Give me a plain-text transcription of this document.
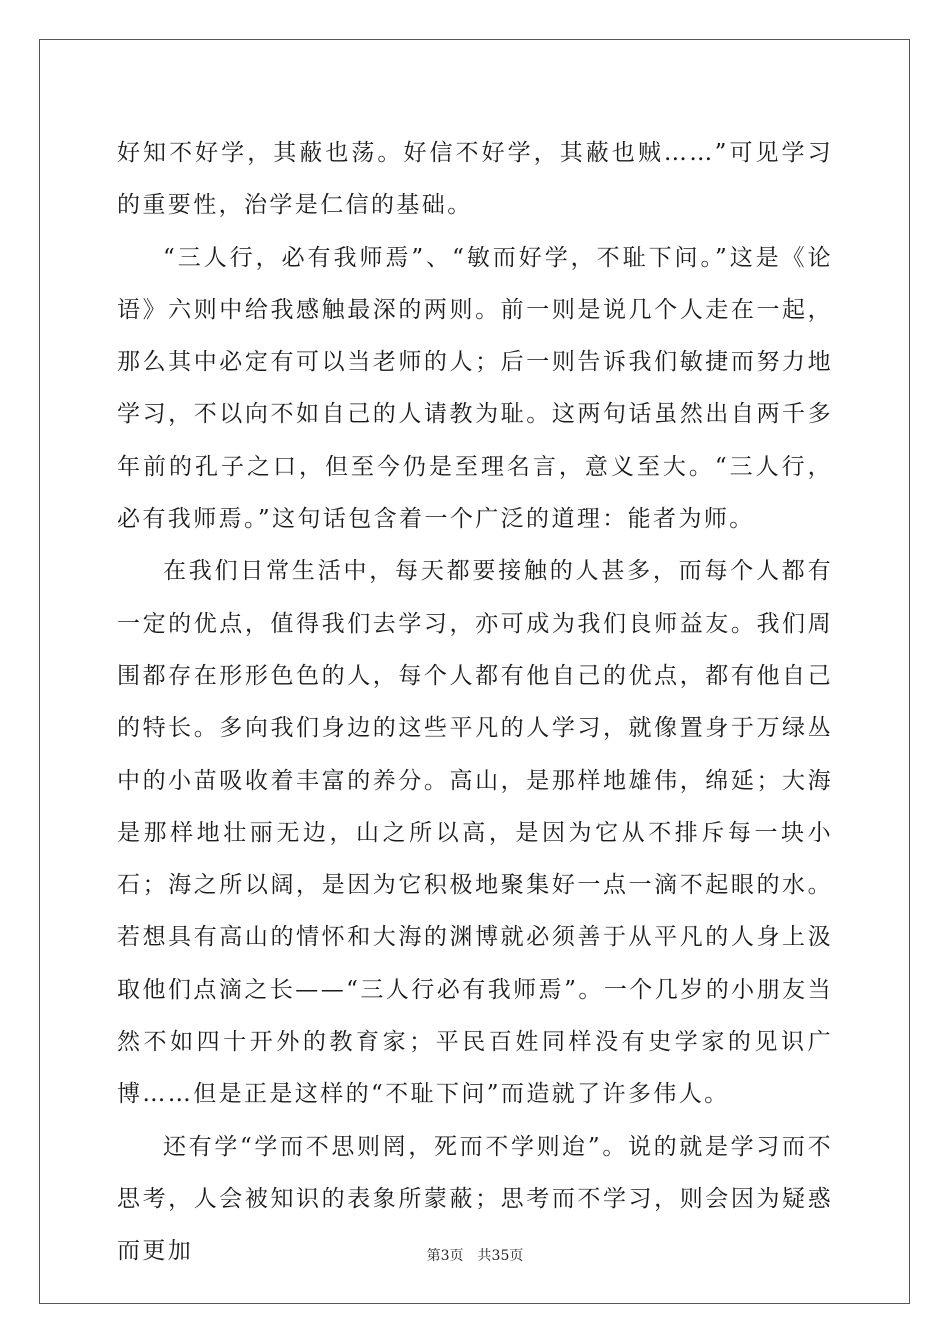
好知不好学，其蔽也荡。好信不好学，其蔽也贼……”可见学习的重要性，治学是仁信的基础。

“三人行，必有我师焉”、“敏而好学，不耻下问。”这是《论语》六则中给我感触最深的两则。前一则是说几个人走在一起，那么其中必定有可以当老师的人；后一则告诉我们敏捷而努力地学习，不以向不如自己的人请教为耻。这两句话虽然出自两千多年前的孔子之口，但至今仍是至理名言，意义至大。“三人行，必有我师焉。”这句话包含着一个广泛的道理：能者为师。

在我们日常生活中，每天都要接触的人甚多，而每个人都有一定的优点，值得我们去学习，亦可成为我们良师益友。我们周围都存在形形色色的人，每个人都有他自己的优点，都有他自己的特长。多向我们身边的这些平凡的人学习，就像置身于万绿丛中的小苗吸收着丰富的养分。高山，是那样地雄伟，绵延；大海是那样地壮丽无边，山之所以高，是因为它从不排斥每一块小石；海之所以阔，是因为它积极地聚集好一点一滴不起眼的水。若想具有高山的情怀和大海的渊博就必须善于从平凡的人身上汲取他们点滴之长——“三人行必有我师焉”。一个几岁的小朋友当然不如四十开外的教育家；平民百姓同样没有史学家的见识广博……但是正是这样的“不耻下问”而造就了许多伟人。

还有学“学而不思则罔，死而不学则迨”。说的就是学习而不思考，人会被知识的表象所蒙蔽；思考而不学习，则会因为疑惑而更加	第3页　共35页
